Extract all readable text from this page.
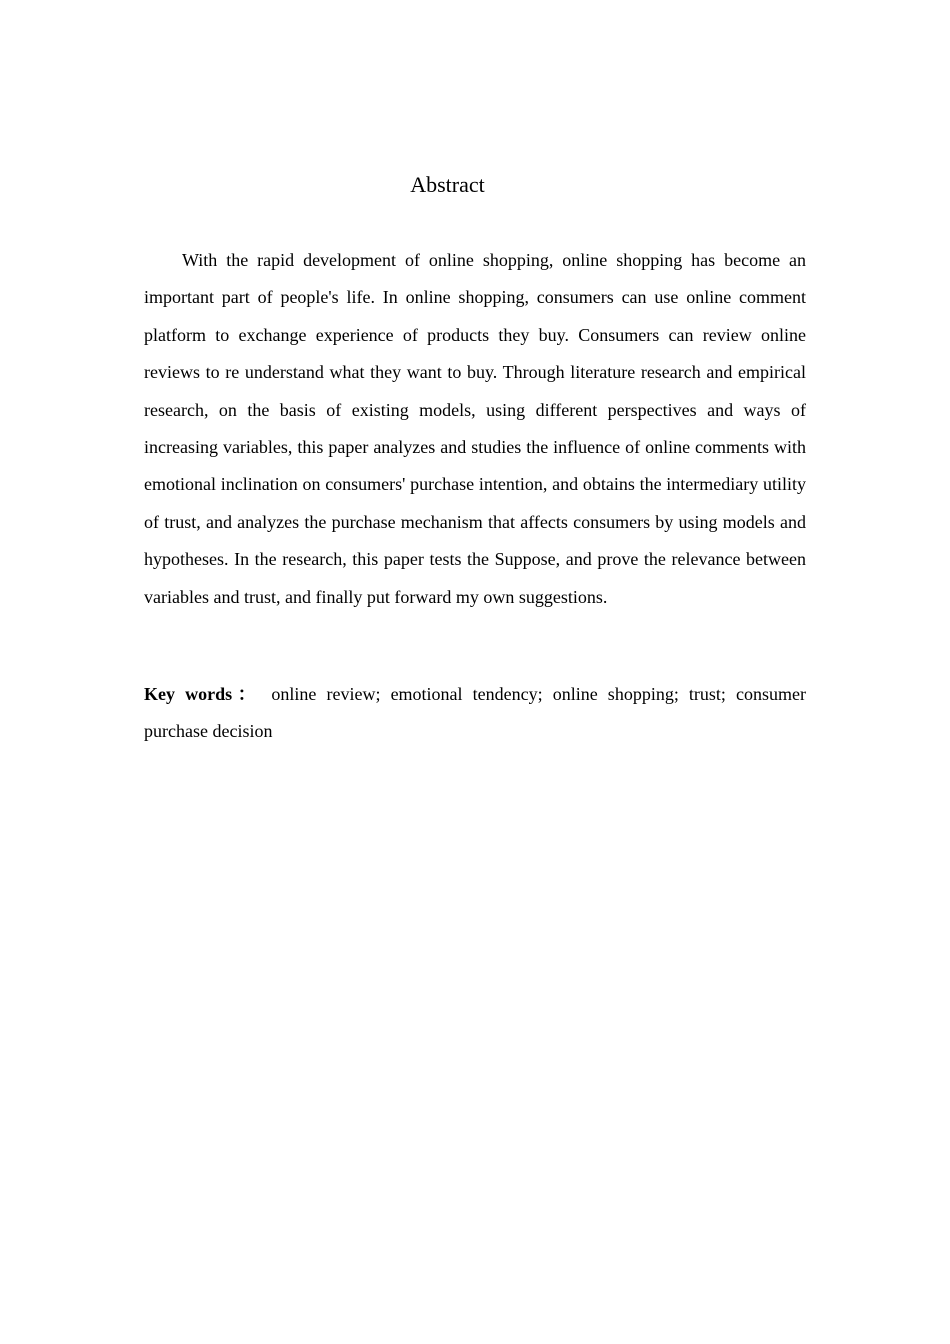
Abstract

With the rapid development of online shopping, online shopping has become an important part of people's life. In online shopping, consumers can use online comment platform to exchange experience of products they buy. Consumers can review online reviews to re understand what they want to buy. Through literature research and empirical research, on the basis of existing models, using different perspectives and ways of increasing variables, this paper analyzes and studies the influence of online comments with emotional inclination on consumers' purchase intention, and obtains the intermediary utility of trust, and analyzes the purchase mechanism that affects consumers by using models and hypotheses. In the research, this paper tests the Suppose, and prove the relevance between variables and trust, and finally put forward my own suggestions.

Key words： online review; emotional tendency; online shopping; trust; consumer purchase decision
